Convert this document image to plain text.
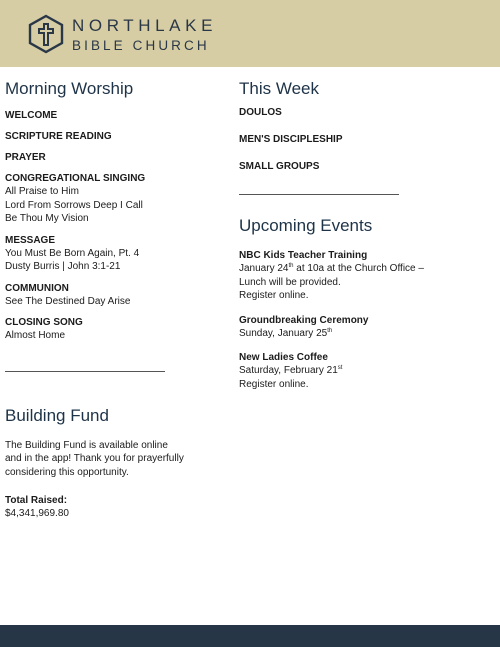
NORTHLAKE
BIBLE CHURCH
Morning Worship
WELCOME
SCRIPTURE READING
PRAYER
CONGREGATIONAL SINGING
All Praise to Him
Lord From Sorrows Deep I Call
Be Thou My Vision
MESSAGE
You Must Be Born Again, Pt. 4
Dusty Burris | John 3:1-21
COMMUNION
See The Destined Day Arise
CLOSING SONG
Almost Home
Building Fund
The Building Fund is available online
and in the app! Thank you for prayerfully
considering this opportunity.
Total Raised:
$4,341,969.80
This Week
DOULOS
MEN'S DISCIPLESHIP
SMALL GROUPS
Upcoming Events
NBC Kids Teacher Training
January 24th at 10a at the Church Office –
Lunch will be provided.
Register online.
Groundbreaking Ceremony
Sunday, January 25th
New Ladies Coffee
Saturday, February 21st
Register online.
